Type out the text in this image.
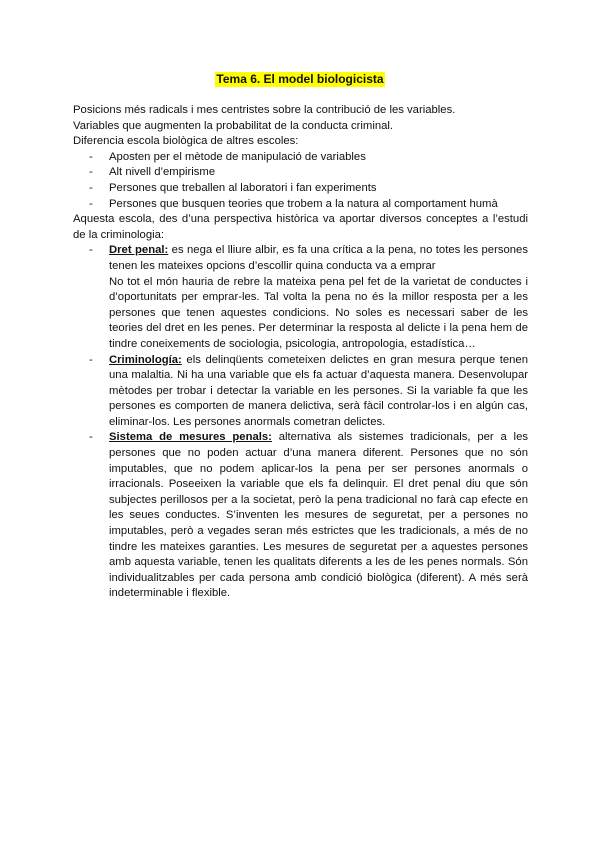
Tema 6. El model biologicista

Posicions més radicals i mes centristes sobre la contribució de les variables.

Variables que augmenten la probabilitat de la conducta criminal.

Diferencia escola biològica de altres escoles:

- Aposten per el mètode de manipulació de variables
- Alt nivell d’empirisme
- Persones que treballen al laboratori i fan experiments
- Persones que busquen teories que trobem a la natura al comportament humà

Aquesta escola, des d’una perspectiva històrica va aportar diversos conceptes a l’estudi de la criminologia:

- Dret penal: es nega el lliure albir, es fa una crítica a la pena, no totes les persones tenen les mateixes opcions d’escollir quina conducta va a emprar

No tot el món hauria de rebre la mateixa pena pel fet de la varietat de conductes i d’oportunitats per emprar-les. Tal volta la pena no és la millor resposta per a les persones que tenen aquestes condicions. No soles es necessari saber de les teories del dret en les penes. Per determinar la resposta al delicte i la pena hem de tindre coneixements de sociologia, psicologia, antropologia, estadística…

- Criminología: els delinqüents cometeixen delictes en gran mesura perque tenen una malaltia. Ni ha una variable que els fa actuar d’aquesta manera. Desenvolupar mètodes per trobar i detectar la variable en les persones. Si la variable fa que les persones es comporten de manera delictiva, serà fàcil controlar-los i en algún cas, eliminar-los. Les persones anormals cometran delictes.
- Sistema de mesures penals: alternativa als sistemes tradicionals, per a les persones que no poden actuar d’una manera diferent. Persones que no són imputables, que no podem aplicar-los la pena per ser persones anormals o irracionals. Poseeixen la variable que els fa delinquir. El dret penal diu que són subjectes perillosos per a la societat, però la pena tradicional no farà cap efecte en les seues conductes. S’inventen les mesures de seguretat, per a persones no imputables, però a vegades seran més estrictes que les tradicionals, a més de no tindre les mateixes garanties. Les mesures de seguretat per a aquestes persones amb aquesta variable, tenen les qualitats diferents a les de les penes normals. Són individualitzables per cada persona amb condició biològica (diferent). A més serà indeterminable i flexible.
